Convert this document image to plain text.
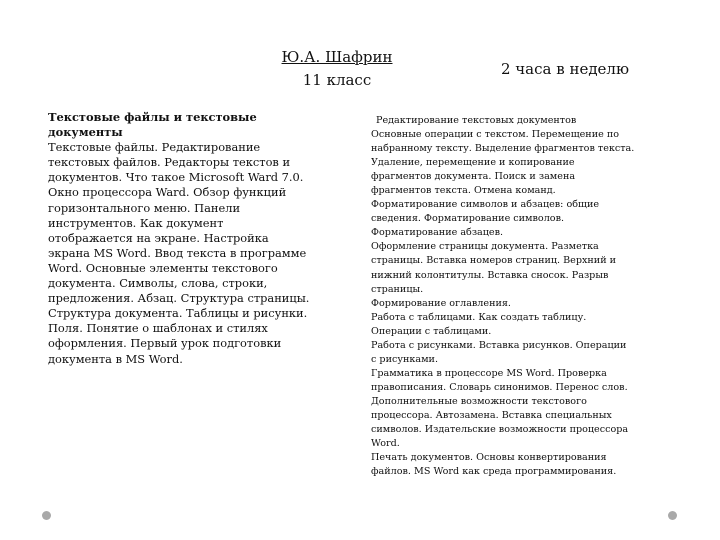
Ю.А. Шафрин
11 класс
2 часа в неделю
Текстовые файлы и текстовые документы
Текстовые файлы. Редактирование текстовых файлов. Редакторы текстов и документов. Что такое Microsoft Ward 7.0. Окно процессора Ward. Обзор функций горизонтального меню. Панели инструментов. Как документ отображается на экране. Настройка экрана MS Word. Ввод текста в программе Word. Основные элементы текстового документа. Символы, слова, строки, предложения. Абзац. Структура страницы. Структура документа. Таблицы и рисунки. Поля. Понятие о шаблонах и стилях оформления. Первый урок подготовки документа в MS Word.
Редактирование текстовых документов
Основные операции с текстом. Перемещение по
набранному тексту. Выделение фрагментов текста.
Удаление, перемещение и копирование
фрагментов документа. Поиск и замена
фрагментов текста. Отмена команд.
Форматирование символов и абзацев: общие
сведения. Форматирование символов.
Форматирование абзацев.
Оформление страницы документа. Разметка
страницы. Вставка номеров страниц. Верхний и
нижний колонтитулы. Вставка сносок. Разрыв
страницы.
Формирование оглавления.
Работа с таблицами. Как создать таблицу.
Операции с таблицами.
Работа с рисунками. Вставка рисунков. Операции
с рисунками.
Грамматика в процессоре MS Word. Проверка
правописания. Словарь синонимов. Перенос слов.
Дополнительные возможности текстового
процессора. Автозамена. Вставка специальных
символов. Издательские возможности процессора
Word.
Печать документов. Основы конвертирования
файлов. MS Word как среда программирования.
